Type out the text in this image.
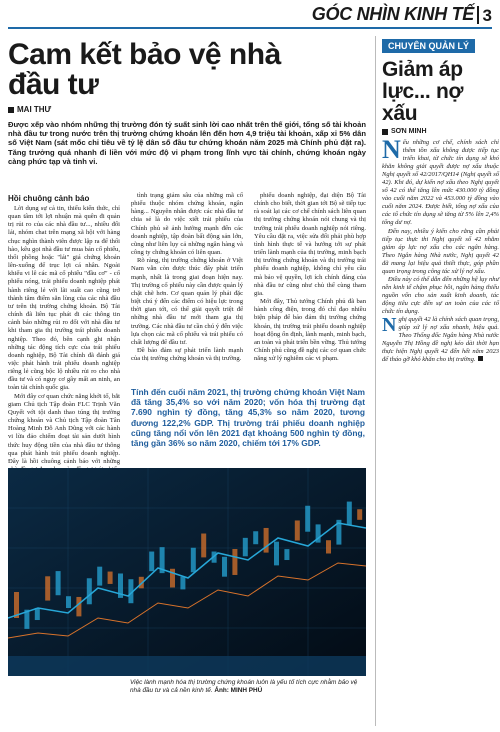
GÓC NHÌN KINH TẾ 3
Cam kết bảo vệ nhà đầu tư
MAI THƯ
Được xếp vào nhóm những thị trường đón tỷ suất sinh lời cao nhất trên thế giới, tổng số tài khoản nhà đầu tư trong nước trên thị trường chứng khoán lên đến hơn 4,9 triệu tài khoản, xấp xỉ 5% dân số Việt Nam (sát mốc chỉ tiêu về tỷ lệ dân số đầu tư chứng khoán năm 2025 mà Chính phủ đặt ra). Tăng trưởng quá nhanh đi liền với mức độ vi phạm trong lĩnh vực tài chính, chứng khoán ngày càng phức tạp và tinh vi.
Hồi chuông cảnh báo

Lời dụng sự cả tin, thiếu kiến thức, chỉ quan tâm tới lợi nhuận mà quên đi quản trị rủi ro của các nhà đầu tư..., nhiều đối lái, nhóm chat trên mạng xã hội với hàng chục nghìn thành viên được lập ra để thổi hào, kêu gọi nhà đầu tư mua bán cổ phiếu, thổi phồng hoặc "lái" giá chứng khoán lên-xuống để trục lợi cá nhân. Ngoài khiếu vi lê các mã cổ phiếu "đầu cơ" - cổ phiếu nóng, trái phiếu doanh nghiệp phát hành riêng lẻ với lãi suất cao cũng trở thành tâm điểm săn lùng của các nhà đầu tư trên thị trường chứng khoán. Bộ Tài chính đã liên tục phát đi các thông tin cảnh báo những rủi ro đối với nhà đầu tư khi tham gia thị trường trái phiếu doanh nghiệp. Theo đó, bên cạnh ghi nhận những tác động tích cực của trái phiếu doanh nghiệp, Bộ Tài chính đã đánh giá việc phát hành trái phiếu doanh nghiệp riêng lẻ cũng bộc lộ nhiều rủi ro cho nhà đầu tư và có nguy cơ gây mất an ninh, an toàn tài chính quốc gia.

Mới đây cơ quan chức năng khởi tố, bắt giam Chủ tịch Tập đoàn FLC Trịnh Văn Quyết với tội danh thao túng thị trường chứng khoán và Chủ tịch Tập đoàn Tân Hoàng Minh Đỗ Anh Dũng với các hành vi lừa đảo chiếm đoạt tài sản dưới hình thức huy động tiền của nhà đầu tư thông qua phát hành trái phiếu doanh nghiệp. Đây là hồi chuông cảnh báo với những

tình trạng giảm sâu của những mã cổ phiếu thuộc nhóm chứng khoán, ngân hàng... Nguyên nhân được các nhà đầu tư chia sẻ là do việc xiết trái phiếu của Chính phủ sẽ ảnh hưởng mạnh đến các doanh nghiệp, tập đoàn bất động sản lớn, cũng như liên lụy cả những ngân hàng và công ty chứng khoán có liên quan.

Rõ ràng, thị trường chứng khoán ở Việt Nam vẫn còn được thúc đẩy phát triển mạnh, nhất là trong giai đoạn hiện nay. Thị trường cổ phiếu này cần được quản lý chặt chẽ hơn. Cơ quan quản lý phải đặc biệt chú ý đến các điểm có hiệu lực trong thời gian tới, có thể giải quyết triệt để những nhà đầu tư mới tham gia thị trường. Các nhà đầu tư cần chú ý đến việc lựa chọn các mã cổ phiếu và trái phiếu có chất lượng để đầu tư.

Đề bảo đảm sự phát triển lành mạnh của thị trường chứng khoán và thị trường.

phiếu doanh nghiệp, đại diện Bộ Tài chính cho biết, thời gian tới Bộ sẽ tiếp tục rà soát lại các cơ chế chính sách liên quan thị trường chứng khoán nói chung và thị trường trái phiếu doanh nghiệp nói riêng. Yêu cầu đặt ra, việc sửa đổi phải phù hợp tình hình thực tế và hướng tới sự phát triển lành mạnh của thị trường, minh bạch thị trường chứng khoán và thị trường trái phiếu doanh nghiệp, không chỉ yêu cầu mà bảo vệ quyền, lợi ích chính đáng của nhà đầu tư cũng như chủ thể cùng tham gia.

Mới đây, Thủ tướng Chính phủ đã ban hành công điện, trong đó chỉ đạo nhiều biện pháp để bảo đảm thị trường chứng khoán, thị trường trái phiếu doanh nghiệp hoạt động ổn định, lành mạnh, minh bạch, an toàn và phát triển bền vững. Thủ tướng Chính phủ cũng đề nghị các cơ quan chức năng xử lý nghiêm các vi phạm.

Tính đến cuối năm 2021, thị trường chứng khoán Việt Nam đã tăng 35,4% so với năm 2020; vốn hóa thị trường đạt 7.690 nghìn tỷ đồng, tăng 45,3% so năm 2020, tương đương 122,2% GDP. Thị trường trái phiếu doanh nghiệp cũng tăng nổi vốn lên 2021 đạt khoảng 500 nghìn tỷ đồng, tăng gần 36% so năm 2020, chiếm tới 17% GDP.
Việc lành mạnh hóa thị trường chứng khoán luôn là yếu tố tích cực nhằm bảo vệ nhà đầu tư và cả nền kinh tế. Ảnh: MINH PHÚ
CHUYÊN QUẢN LÝ
Giảm áp lực... nợ xấu
SƠN MINH

Nếu những cơ chế, chính sách chỉ thêm tồn xấu không được tiếp tục triển khai, từ chức tín dụng sẽ khó khăn không giải quyết được nợ xấu thuộc Nghị quyết số 42/2017/QH14 (Nghị quyết số 42). Khi đó, dự kiến nợ xấu theo Nghị quyết số 42 có thể tăng lên mức 430.000 tỷ đồng vào cuối năm 2022 và 453.000 tỷ đồng vào cuối năm 2024. Được biết, tổng nợ xấu của các tổ chức tín dụng sẽ tăng từ 5% lên 2,4% tổng dư nợ.

Đến nay, nhiều ý kiến cho rằng cần phải tiếp tục thực thi Nghị quyết số 42 nhằm giảm áp lực nợ xấu cho các ngân hàng. Theo Ngân hàng Nhà nước, Nghị quyết 42 đã mang lại hiệu quả thiết thực, góp phần quan trọng trong công tác xử lý nợ xấu.

Điều này có thể dẫn đến những hệ lụy như nền kinh tế chậm phục hồi, ngân hàng thiếu nguồn vốn cho sản xuất kinh doanh, tác động tiêu cực đến sự an toàn của các tổ chức tín dụng.

Nghị quyết 42 là chính sách quan trọng, giúp xử lý nợ xấu nhanh, hiệu quả. Theo Thống đốc Ngân hàng Nhà nước Nguyễn Thị Hồng đề nghị kéo dài thời hạn thực hiện Nghị quyết 42 đến hết năm 2023 để tháo gỡ khó khăn cho thị trường.
